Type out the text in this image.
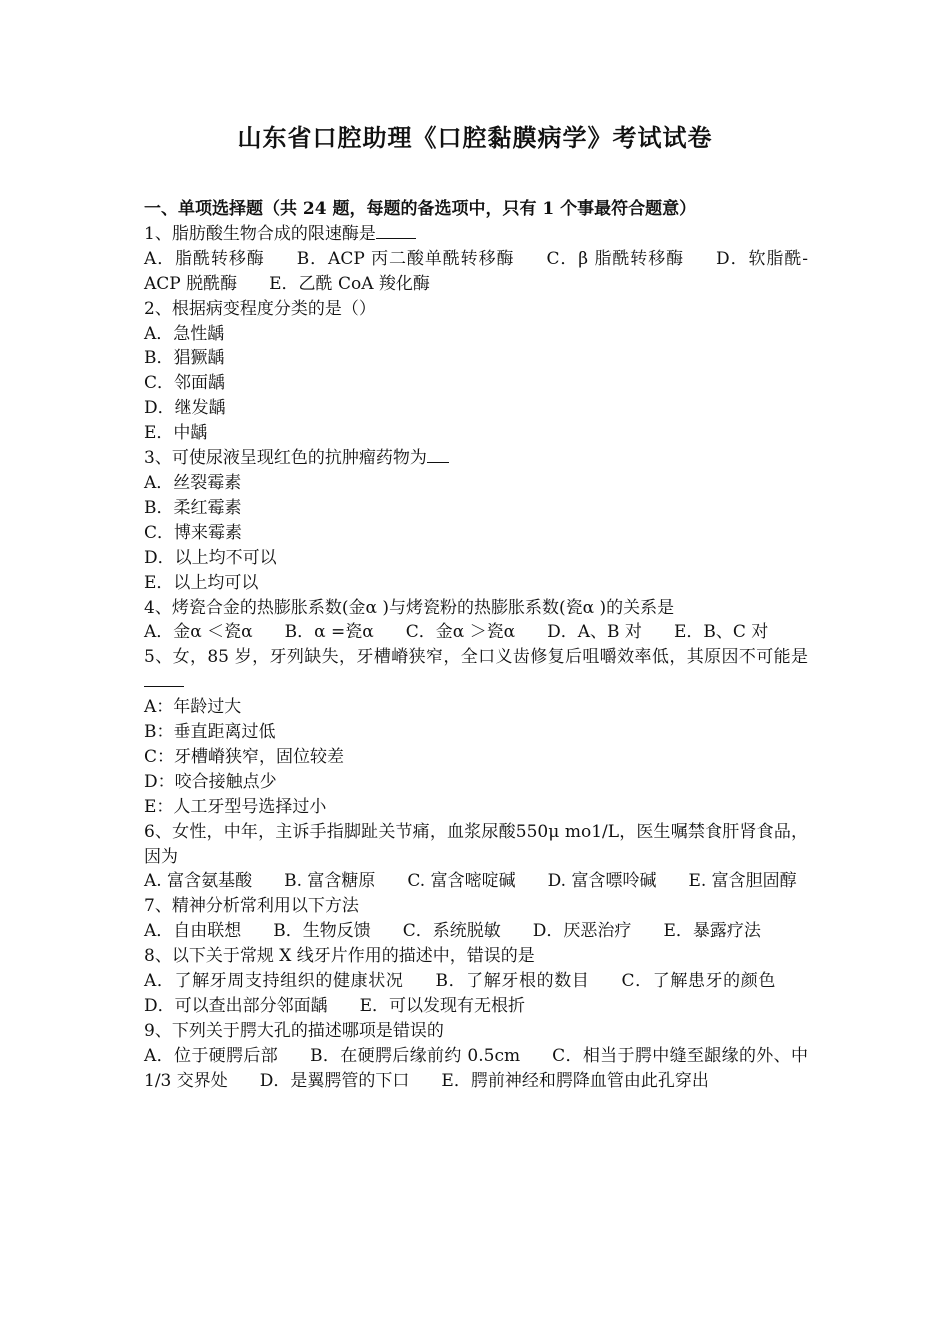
山东省口腔助理《口腔黏膜病学》考试试卷
一、单项选择题（共 24 题，每题的备选项中，只有 1 个事最符合题意）
1、脂肪酸生物合成的限速酶是
A．脂酰转移酶 B．ACP 丙二酸单酰转移酶 C．β 脂酰转移酶 D．软脂酰-ACP 脱酰酶 E．乙酰 CoA 羧化酶
2、根据病变程度分类的是（）
A．急性龋
B．猖獗龋
C．邻面龋
D．继发龋
E．中龋
3、可使尿液呈现红色的抗肿瘤药物为
A．丝裂霉素
B．柔红霉素
C．博来霉素
D．以上均不可以
E．以上均可以
4、烤瓷合金的热膨胀系数(金α )与烤瓷粉的热膨胀系数(瓷α )的关系是
A．金α ＜瓷α B．α =瓷α C．金α ＞瓷α D．A、B 对 E．B、C 对
5、女，85 岁，牙列缺失，牙槽嵴狭窄，全口义齿修复后咀嚼效率低，其原因不可能是
A：年龄过大
B：垂直距离过低
C：牙槽嵴狭窄，固位较差
D：咬合接触点少
E：人工牙型号选择过小
6、女性，中年，主诉手指脚趾关节痛，血浆尿酸550μ mo1/L，医生嘱禁食肝肾食品，因为
A. 富含氨基酸 B. 富含糖原 C. 富含嘧啶碱 D. 富含嘌呤碱 E. 富含胆固醇
7、精神分析常利用以下方法
A．自由联想 B．生物反馈 C．系统脱敏 D．厌恶治疗 E．暴露疗法
8、以下关于常规 X 线牙片作用的描述中，错误的是
A．了解牙周支持组织的健康状况 B．了解牙根的数目 C．了解患牙的颜色D．可以查出部分邻面龋 E．可以发现有无根折
9、下列关于腭大孔的描述哪项是错误的
A．位于硬腭后部 B．在硬腭后缘前约 0.5cm C．相当于腭中缝至龈缘的外、中 1/3 交界处 D．是翼腭管的下口 E．腭前神经和腭降血管由此孔穿出
